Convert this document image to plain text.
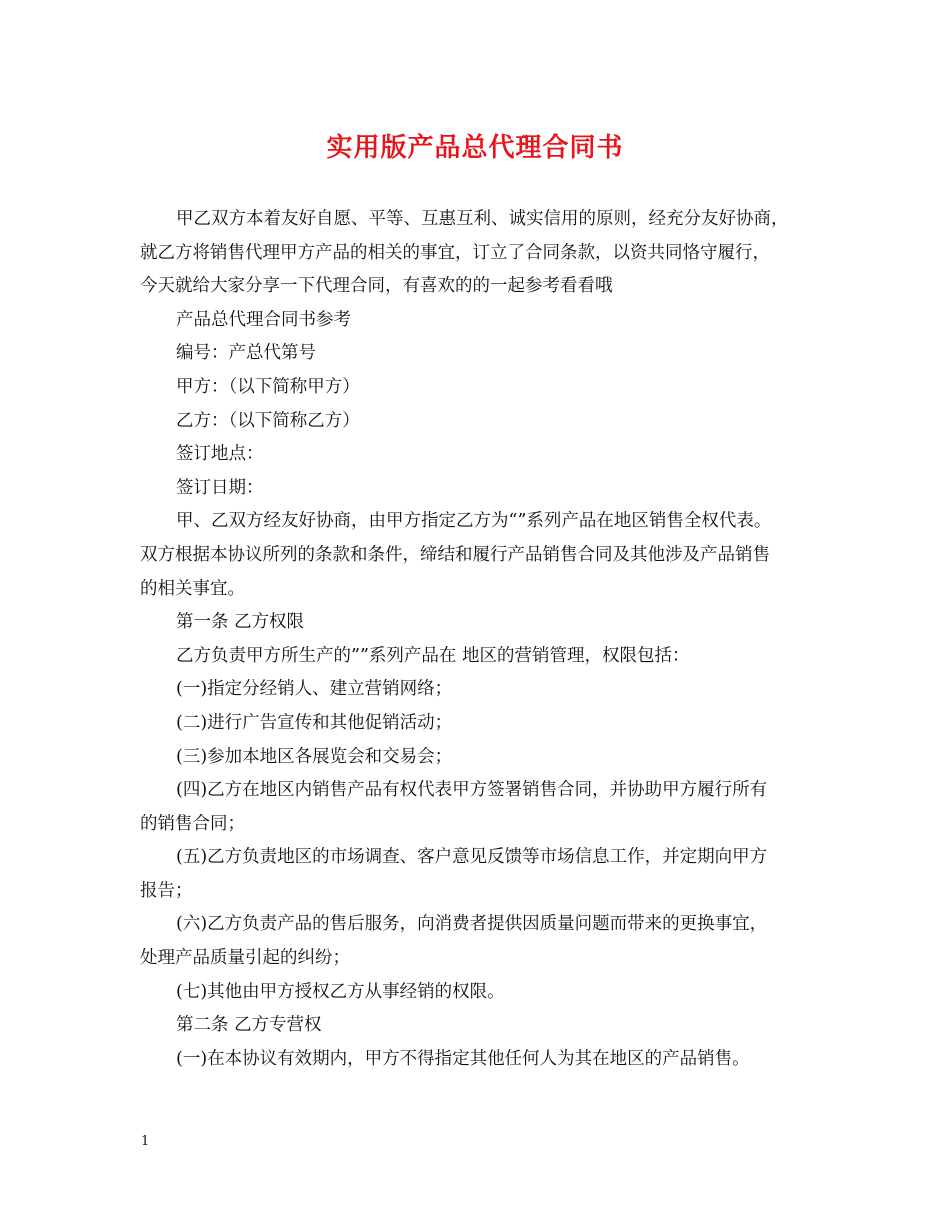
实用版产品总代理合同书
甲乙双方本着友好自愿、平等、互惠互利、诚实信用的原则，经充分友好协商，
就乙方将销售代理甲方产品的相关的事宜，订立了合同条款，以资共同恪守履行，
今天就给大家分享一下代理合同，有喜欢的的一起参考看看哦
产品总代理合同书参考
编号：产总代第号
甲方：（以下简称甲方）
乙方：（以下简称乙方）
签订地点：
签订日期：
甲、乙双方经友好协商，由甲方指定乙方为“”系列产品在地区销售全权代表。
双方根据本协议所列的条款和条件，缔结和履行产品销售合同及其他涉及产品销售
的相关事宜。
第一条 乙方权限
乙方负责甲方所生产的””系列产品在 地区的营销管理，权限包括：
(一)指定分经销人、建立营销网络；
(二)进行广告宣传和其他促销活动；
(三)参加本地区各展览会和交易会；
(四)乙方在地区内销售产品有权代表甲方签署销售合同，并协助甲方履行所有
的销售合同；
(五)乙方负责地区的市场调查、客户意见反馈等市场信息工作，并定期向甲方
报告；
(六)乙方负责产品的售后服务，向消费者提供因质量问题而带来的更换事宜，
处理产品质量引起的纠纷；
(七)其他由甲方授权乙方从事经销的权限。
第二条 乙方专营权
(一)在本协议有效期内，甲方不得指定其他任何人为其在地区的产品销售。
1
